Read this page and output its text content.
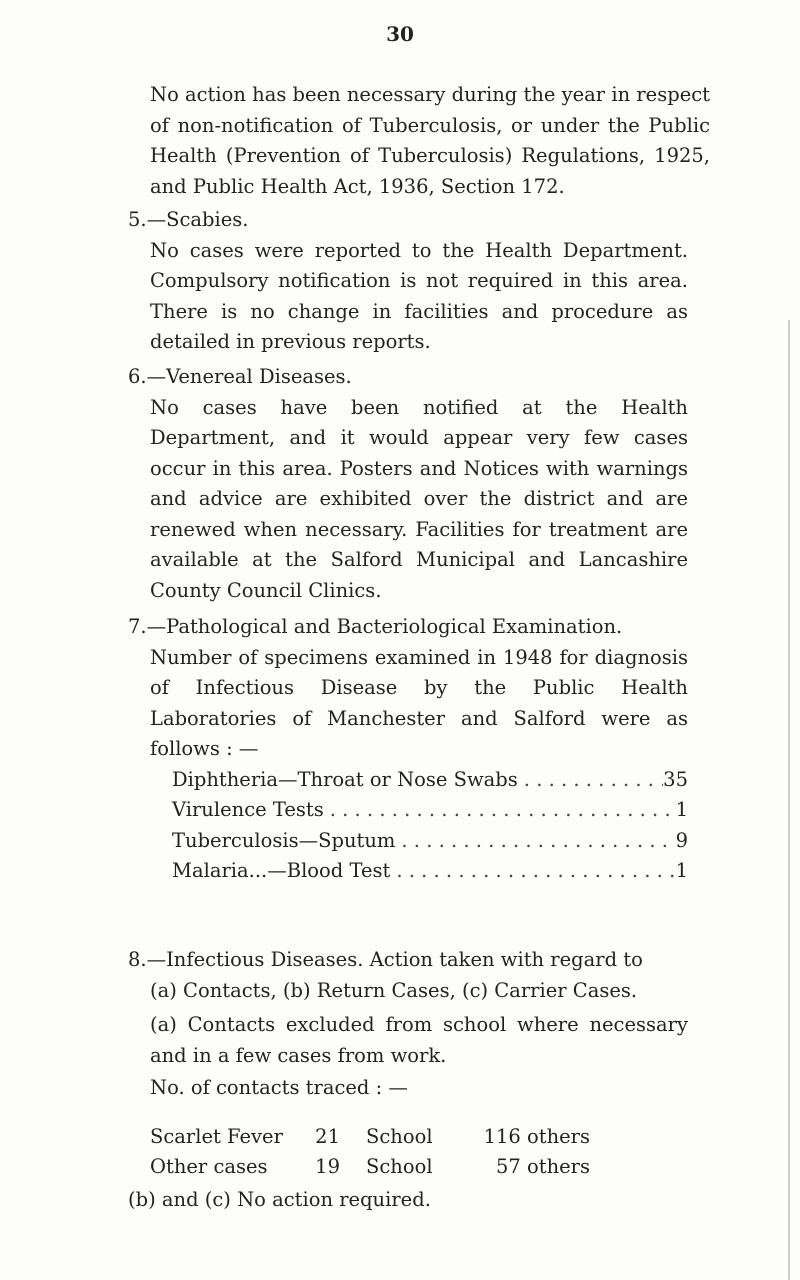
30
No action has been necessary during the year in respect of non-notification of Tuberculosis, or under the Public Health (Prevention of Tuberculosis) Regulations, 1925, and Public Health Act, 1936, Section 172.
5.—Scabies.
No cases were reported to the Health Department. Compulsory notification is not required in this area. There is no change in facilities and procedure as detailed in previous reports.
6.—Venereal Diseases.
No cases have been notified at the Health Department, and it would appear very few cases occur in this area. Posters and Notices with warnings and advice are exhibited over the district and are renewed when necessary. Facilities for treatment are available at the Salford Municipal and Lancashire County Council Clinics.
7.—Pathological and Bacteriological Examination.
Number of specimens examined in 1948 for diagnosis of Infectious Disease by the Public Health Laboratories of Manchester and Salford were as follows : —
Diphtheria—Throat or Nose Swabs . . .	35
Virulence Tests . . .	1
Tuberculosis—Sputum . . .	9
Malaria...—Blood Test . . .	1
8.—Infectious Diseases. Action taken with regard to
(a) Contacts, (b) Return Cases, (c) Carrier Cases.
(a) Contacts excluded from school where necessary and in a few cases from work.
No. of contacts traced : —
Scarlet Fever	21	School	116 others
Other cases	19	School	57 others
(b) and (c) No action required.
